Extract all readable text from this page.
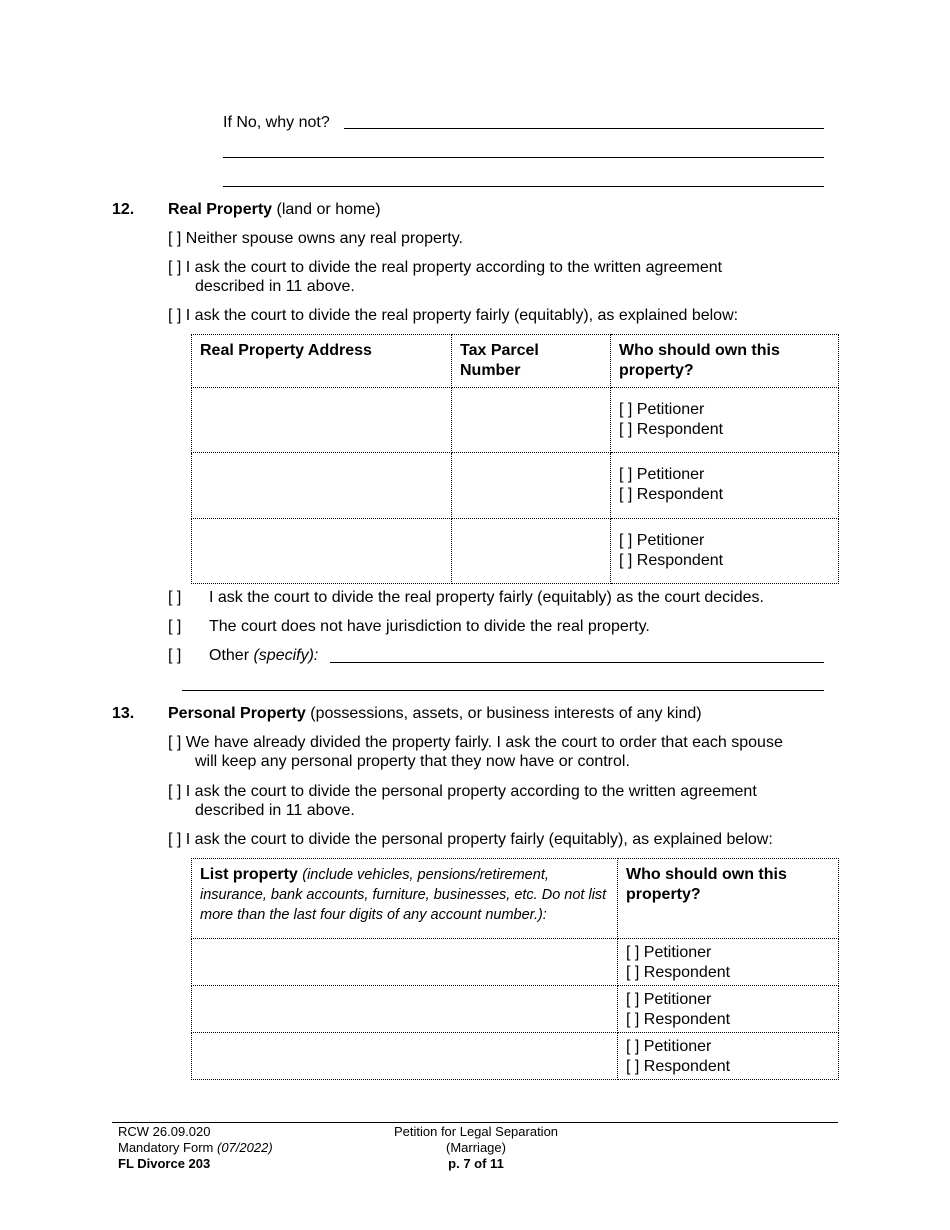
If No, why not?
12. Real Property (land or home)
[ ] Neither spouse owns any real property.
[ ] I ask the court to divide the real property according to the written agreement
described in 11 above.
[ ] I ask the court to divide the real property fairly (equitably), as explained below:
Real Property Address	Tax Parcel
Number	Who should own this
property?

		[ ] Petitioner
[ ] Respondent

		[ ] Petitioner
[ ] Respondent

		[ ] Petitioner
[ ] Respondent
[ ] I ask the court to divide the real property fairly (equitably) as the court decides.
[ ] The court does not have jurisdiction to divide the real property.
[ ] Other (specify):
13. Personal Property (possessions, assets, or business interests of any kind)
[ ] We have already divided the property fairly. I ask the court to order that each spouse
will keep any personal property that they now have or control.
[ ] I ask the court to divide the personal property according to the written agreement
described in 11 above.
[ ] I ask the court to divide the personal property fairly (equitably), as explained below:
List property (include vehicles, pensions/retirement, insurance, bank accounts, furniture, businesses, etc. Do not list more than the last four digits of any account number.):	Who should own this
property?

	[ ] Petitioner
[ ] Respondent

	[ ] Petitioner
[ ] Respondent

	[ ] Petitioner
[ ] Respondent
RCW 26.09.020
Mandatory Form (07/2022)
FL Divorce 203
Petition for Legal Separation
(Marriage)
p. 7 of 11
